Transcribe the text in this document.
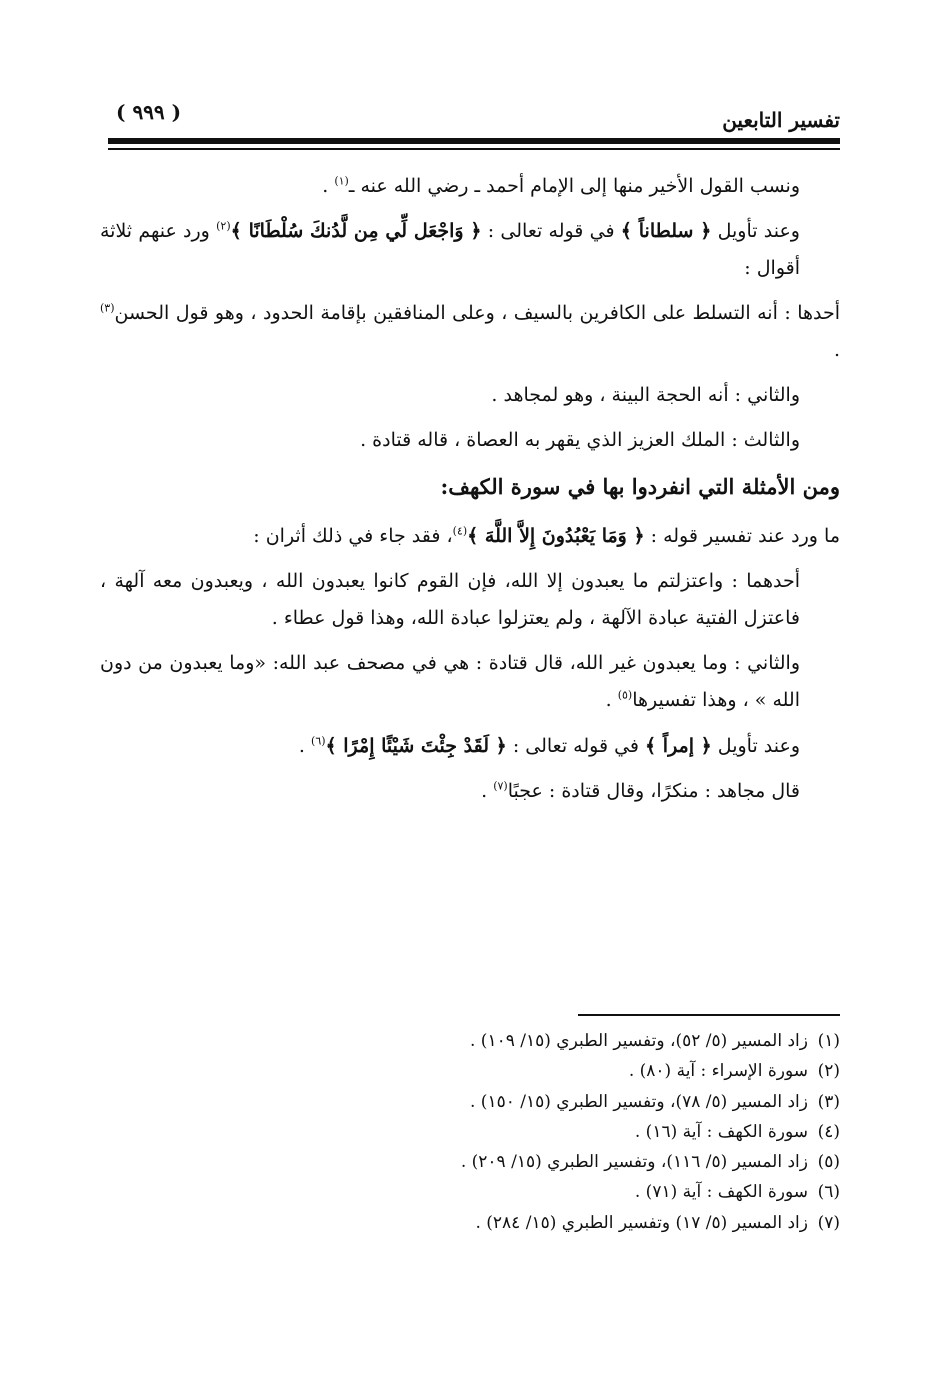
تفسير التابعين
( ٩٩٩ )

ونسب القول الأخير منها إلى الإمام أحمد ـ رضي الله عنه ـ$^{(١)}$ .

وعند تأويل ﴿ سلطاناً ﴾ في قوله تعالى : ﴿ وَاجْعَل لِّي مِن لَّدُنكَ سُلْطَانًا ﴾$^{(٢)}$ ورد عنهم ثلاثة أقوال :

أحدها : أنه التسلط على الكافرين بالسيف ، وعلى المنافقين بإقامة الحدود ، وهو قول الحسن$^{(٣)}$ .

والثاني : أنه الحجة البينة ، وهو لمجاهد .

والثالث : الملك العزيز الذي يقهر به العصاة ، قاله قتادة .

ومن الأمثلة التي انفردوا بها في سورة الكهف:

ما ورد عند تفسير قوله : ﴿ وَمَا يَعْبُدُونَ إِلاَّ اللَّهَ ﴾$^{(٤)}$، فقد جاء في ذلك أثران :

أحدهما : واعتزلتم ما يعبدون إلا الله، فإن القوم كانوا يعبدون الله ، ويعبدون معه آلهة ، فاعتزل الفتية عبادة الآلهة ، ولم يعتزلوا عبادة الله، وهذا قول عطاء .

والثاني : وما يعبدون غير الله، قال قتادة : هي في مصحف عبد الله: «وما يعبدون من دون الله » ، وهذا تفسيرها$^{(٥)}$ .

وعند تأويل ﴿ إمراً ﴾ في قوله تعالى : ﴿ لَقَدْ جِئْتَ شَيْئًا إِمْرًا ﴾$^{(٦)}$ .

قال مجاهد : منكرًا، وقال قتادة : عجبًا$^{(٧)}$ .

(١)زاد المسير (٥/ ٥٢)، وتفسير الطبري (١٥/ ١٠٩) .

(٢)سورة الإسراء : آية (٨٠) .

(٣)زاد المسير (٥/ ٧٨)، وتفسير الطبري (١٥/ ١٥٠) .

(٤)سورة الكهف : آية (١٦) .

(٥)زاد المسير (٥/ ١١٦)، وتفسير الطبري (١٥/ ٢٠٩) .

(٦)سورة الكهف : آية (٧١) .

(٧)زاد المسير (٥/ ١٧) وتفسير الطبري (١٥/ ٢٨٤) .
